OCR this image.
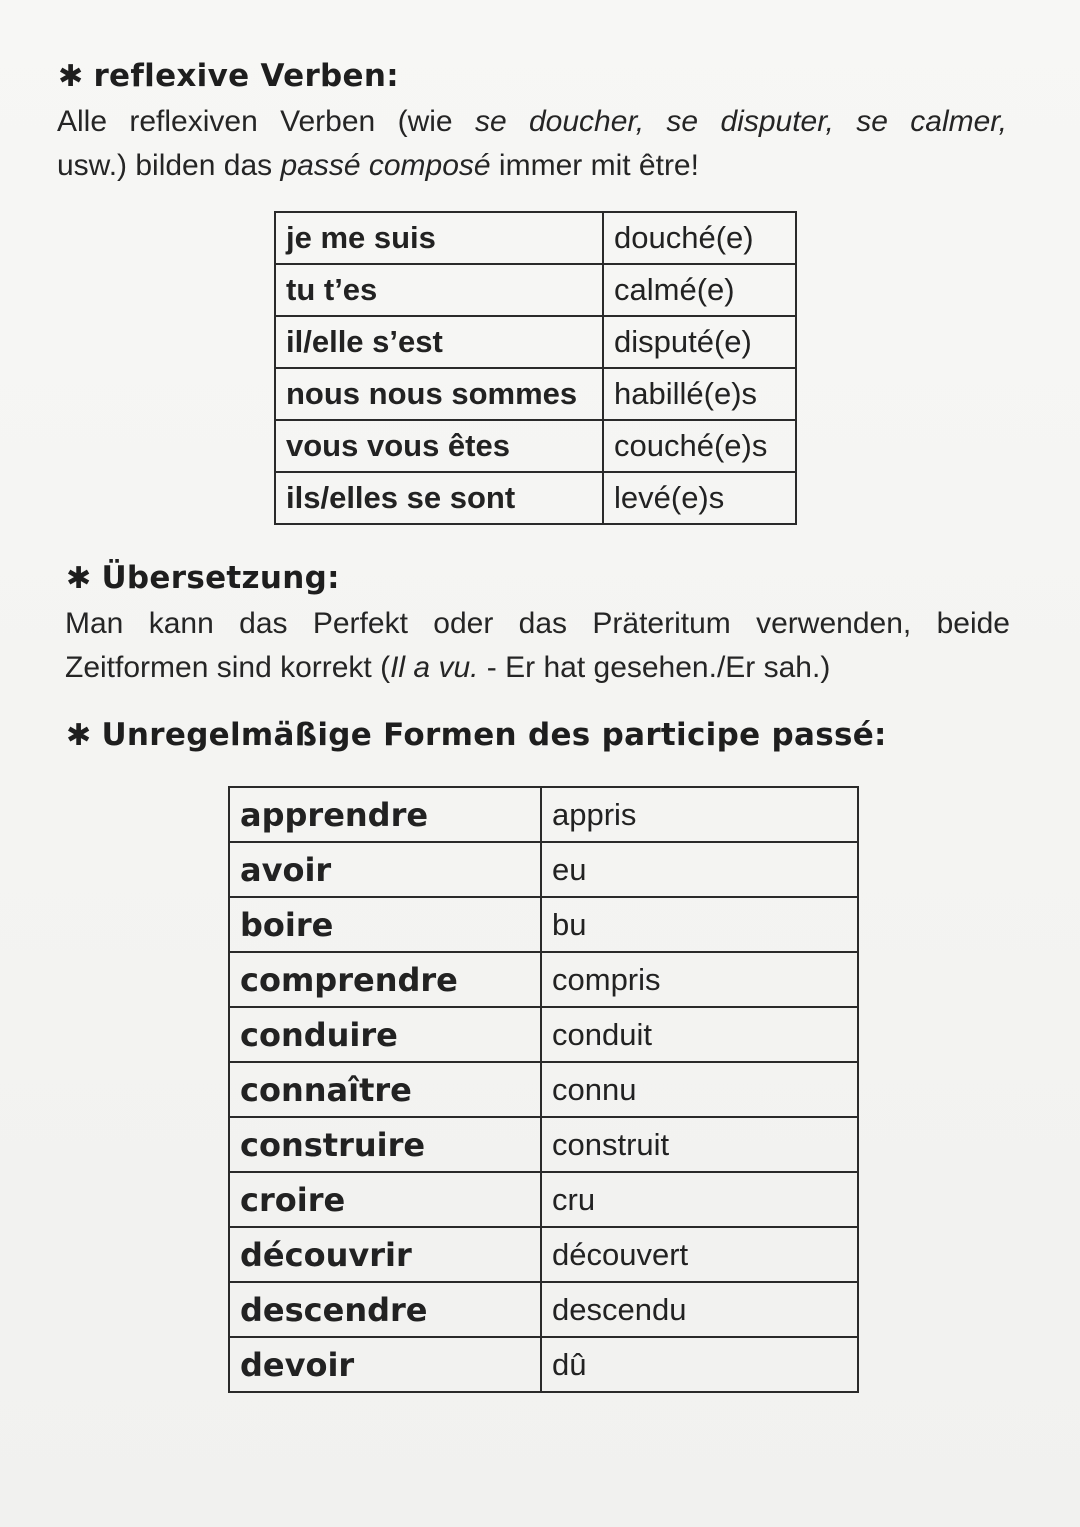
✱ reflexive Verben:
Alle reflexiven Verben (wie se doucher, se disputer, se calmer,
usw.) bilden das passé composé immer mit être!
je me suis	douché(e)
tu t’es	calmé(e)
il/elle s’est	disputé(e)
nous nous sommes	habillé(e)s
vous vous êtes	couché(e)s
ils/elles se sont	levé(e)s
✱ Übersetzung:
Man kann das Perfekt oder das Präteritum verwenden, beide
Zeitformen sind korrekt (Il a vu. - Er hat gesehen./Er sah.)
✱ Unregelmäßige Formen des participe passé:
apprendre	appris
avoir	eu
boire	bu
comprendre	compris
conduire	conduit
connaître	connu
construire	construit
croire	cru
découvrir	découvert
descendre	descendu
devoir	dû
